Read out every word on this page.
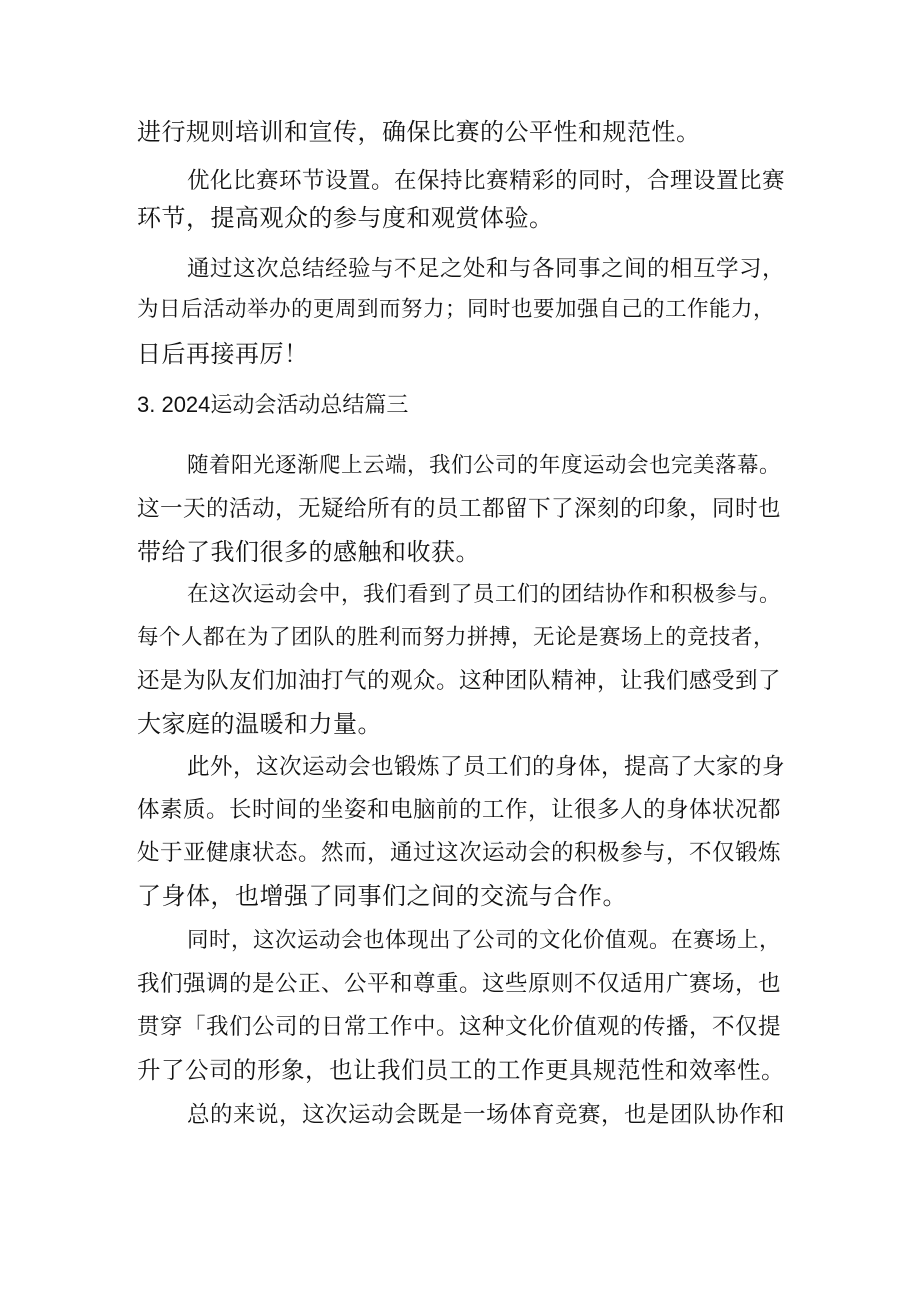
进行规则培训和宣传，确保比赛的公平性和规范性。
优化比赛环节设置。在保持比赛精彩的同时，合理设置比赛
环节，提高观众的参与度和观赏体验。
通过这次总结经验与不足之处和与各同事之间的相互学习，
为日后活动举办的更周到而努力；同时也要加强自己的工作能力，
日后再接再厉！
3. 2024运动会活动总结篇三
随着阳光逐渐爬上云端，我们公司的年度运动会也完美落幕。
这一天的活动，无疑给所有的员工都留下了深刻的印象，同时也
带给了我们很多的感触和收获。
在这次运动会中，我们看到了员工们的团结协作和积极参与。
每个人都在为了团队的胜利而努力拼搏，无论是赛场上的竞技者，
还是为队友们加油打气的观众。这种团队精神，让我们感受到了
大家庭的温暖和力量。
此外，这次运动会也锻炼了员工们的身体，提高了大家的身
体素质。长时间的坐姿和电脑前的工作，让很多人的身体状况都
处于亚健康状态。然而，通过这次运动会的积极参与，不仅锻炼
了身体，也增强了同事们之间的交流与合作。
同时，这次运动会也体现出了公司的文化价值观。在赛场上，
我们强调的是公正、公平和尊重。这些原则不仅适用广赛场，也
贯穿「我们公司的日常工作中。这种文化价值观的传播，不仅提
升了公司的形象，也让我们员工的工作更具规范性和效率性。
总的来说，这次运动会既是一场体育竞赛，也是团队协作和
